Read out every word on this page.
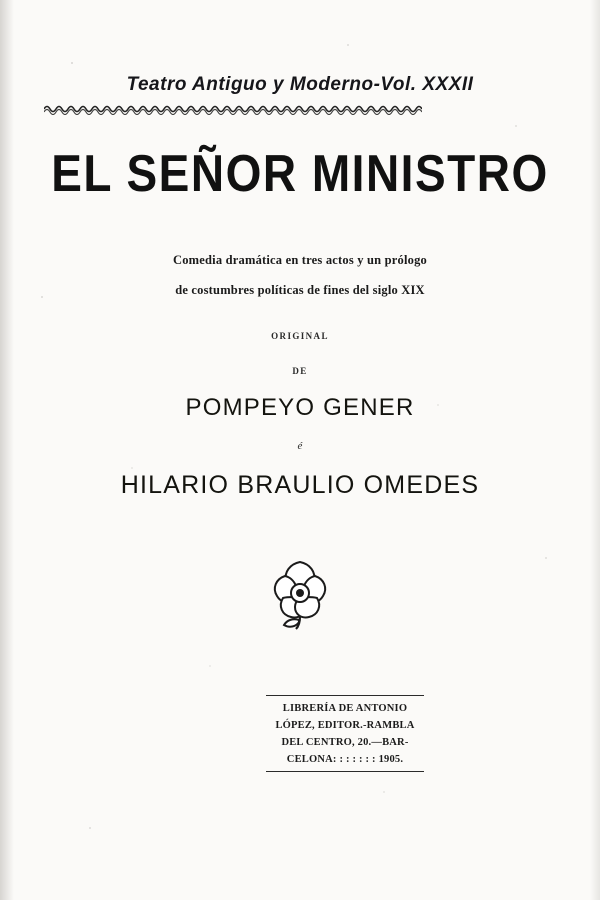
Teatro Antiguo y Moderno-Vol. XXXII
EL SEÑOR MINISTRO
Comedia dramática en tres actos y un prólogo
de costumbres políticas de fines del siglo XIX
ORIGINAL
DE
POMPEYO GENER
é
HILARIO BRAULIO OMEDES
LIBRERÍA DE ANTONIO
LÓPEZ, EDITOR.-RAMBLA
DEL CENTRO, 20.—BAR-
CELONA: : : : : : : 1905.
